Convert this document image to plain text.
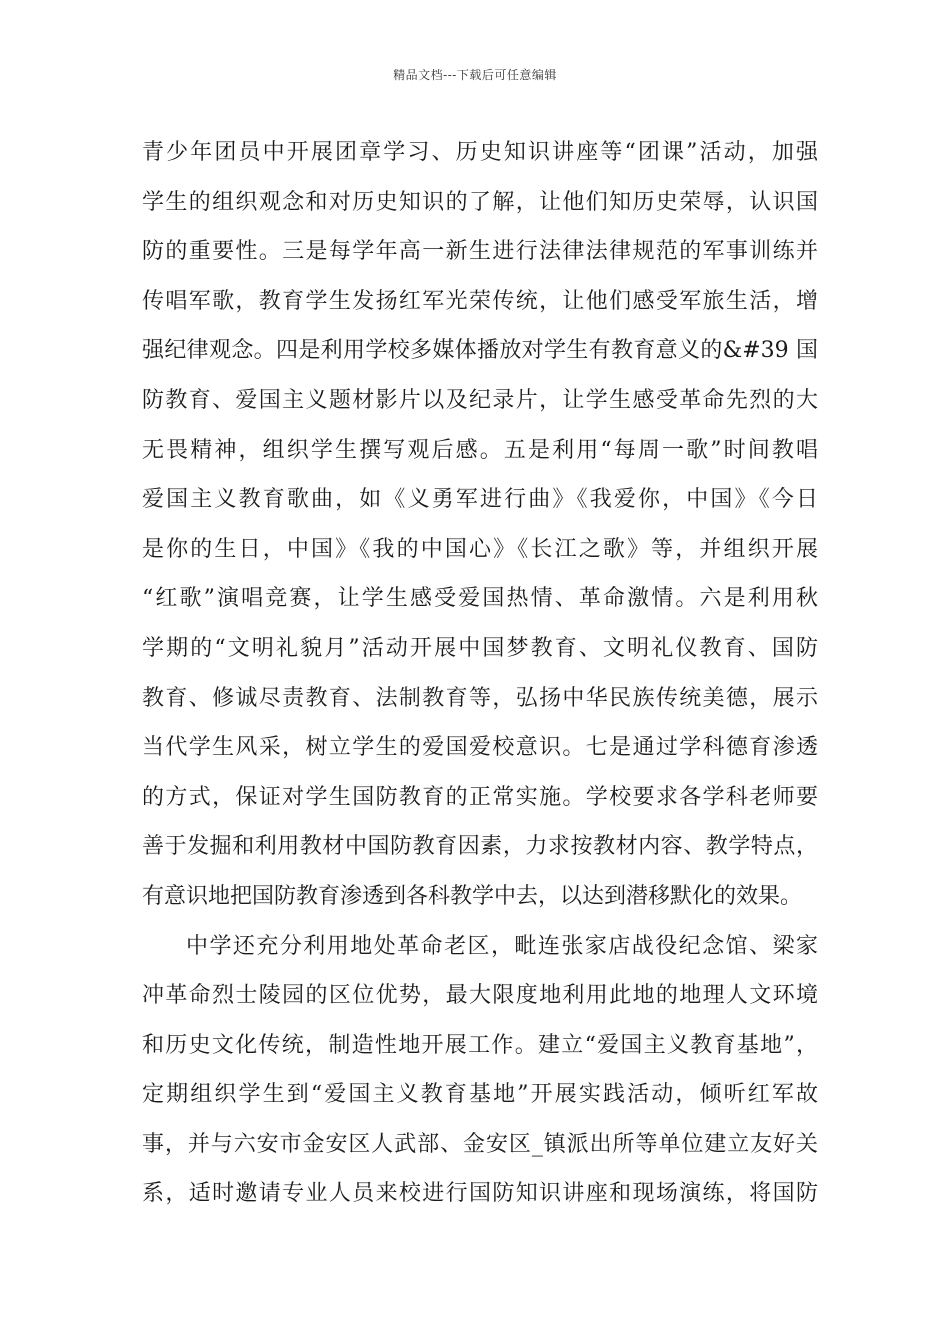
精品文档---下载后可任意编辑
青少年团员中开展团章学习、历史知识讲座等“团课”活动，加强
学生的组织观念和对历史知识的了解，让他们知历史荣辱，认识国
防的重要性。三是每学年高一新生进行法律法律规范的军事训练并
传唱军歌，教育学生发扬红军光荣传统，让他们感受军旅生活，增
强纪律观念。四是利用学校多媒体播放对学生有教育意义的&#39 国
防教育、爱国主义题材影片以及纪录片，让学生感受革命先烈的大
无畏精神，组织学生撰写观后感。五是利用“每周一歌”时间教唱
爱国主义教育歌曲，如《义勇军进行曲》《我爱你，中国》《今日
是你的生日，中国》《我的中国心》《长江之歌》等，并组织开展
“红歌”演唱竞赛，让学生感受爱国热情、革命激情。六是利用秋
学期的“文明礼貌月”活动开展中国梦教育、文明礼仪教育、国防
教育、修诚尽责教育、法制教育等，弘扬中华民族传统美德，展示
当代学生风采，树立学生的爱国爱校意识。七是通过学科德育渗透
的方式，保证对学生国防教育的正常实施。学校要求各学科老师要
善于发掘和利用教材中国防教育因素，力求按教材内容、教学特点，
有意识地把国防教育渗透到各科教学中去，以达到潜移默化的效果。
中学还充分利用地处革命老区，毗连张家店战役纪念馆、梁家
冲革命烈士陵园的区位优势，最大限度地利用此地的地理人文环境
和历史文化传统，制造性地开展工作。建立“爱国主义教育基地”，
定期组织学生到“爱国主义教育基地”开展实践活动，倾听红军故
事，并与六安市金安区人武部、金安区_镇派出所等单位建立友好关
系，适时邀请专业人员来校进行国防知识讲座和现场演练，将国防
